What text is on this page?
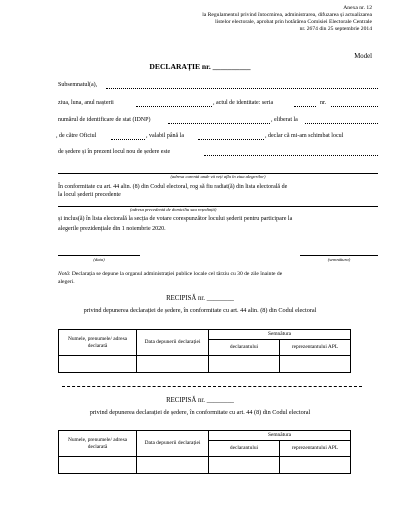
Anexa nr. 12
la Regulamentul privind întocmirea, administrarea, difuzarea și actualizarea
listelor electorale, aprobat prin hotărârea Comisiei Electorale Centrale
nr. 2674 din 25 septembrie 2014
Model
DECLARAȚIE nr. __________
Subsemnatul(a),
ziua, luna, anul nașterii	, actul de identitate: seria	nr.
numărul de identificare de stat (IDNP)	, eliberat la
, de către Oficiul	, valabil până la	, declar că mi-am schimbat locul
de ședere și în prezent locul nou de ședere este
(adresa curentă unde vă veți afla în ziua alegerilor)
În conformitate cu art. 44 alin. (8) din Codul electoral, rog să fiu radiat(ă) din lista electorală de
la locul șederii precedente
(adresa precedentă de domiciliu sau reședință)
și inclus(ă) în lista electorală la secția de votare corespunzător locului șederii pentru participare la
alegerile prezidențiale din 1 noiembrie 2020.
(data)	(semnătura)
Notă: Declarația se depune la organul administrației publice locale cel târziu cu 30 de zile înainte de
alegeri.
RECIPISĂ nr. ________
privind depunerea declarației de ședere, în conformitate cu art. 44 alin. (8) din Codul electoral
Numele, prenumele/ adresa declarată	Data depunerii declarației	Semnătura	
		declarantului	reprezentantului APL

RECIPISĂ nr. ________
privind depunerea declarației de ședere, în conformitate cu art. 44 (8) din Codul electoral
Numele, prenumele/ adresa declarată	Data depunerii declarației	Semnătura	
		declarantului	reprezentantului APL
